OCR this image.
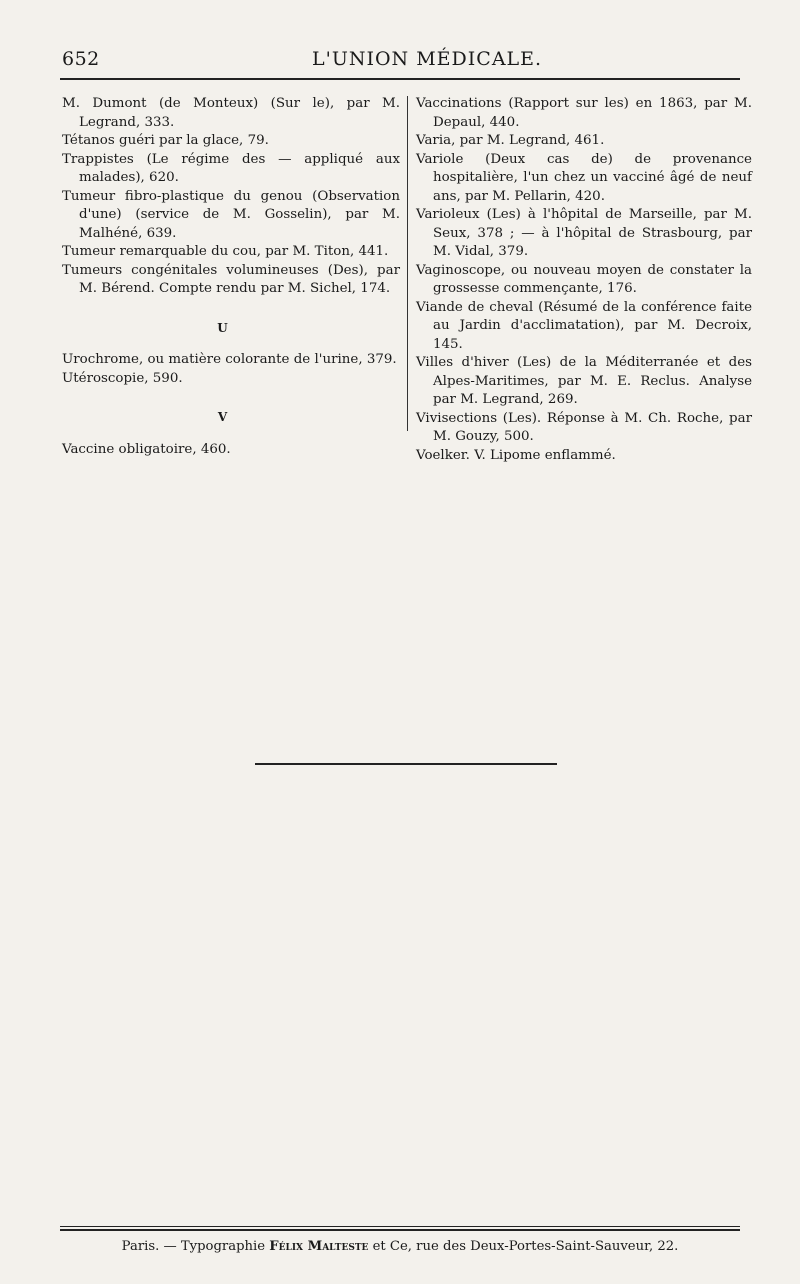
652	L'UNION MÉDICALE.

M. Dumont (de Monteux) (Sur le), par M. Legrand, 333.

Tétanos guéri par la glace, 79.

Trappistes (Le régime des — appliqué aux malades), 620.

Tumeur fibro-plastique du genou (Observation d'une) (service de M. Gosselin), par M. Malhéné, 639.

Tumeur remarquable du cou, par M. Titon, 441.

Tumeurs congénitales volumineuses (Des), par M. Bérend. Compte rendu par M. Sichel, 174.

U

Urochrome, ou matière colorante de l'urine, 379.

Utéroscopie, 590.

V

Vaccine obligatoire, 460.

Vaccinations (Rapport sur les) en 1863, par M. Depaul, 440.

Varia, par M. Legrand, 461.

Variole (Deux cas de) de provenance hospitalière, l'un chez un vacciné âgé de neuf ans, par M. Pellarin, 420.

Varioleux (Les) à l'hôpital de Marseille, par M. Seux, 378 ; — à l'hôpital de Strasbourg, par M. Vidal, 379.

Vaginoscope, ou nouveau moyen de constater la grossesse commençante, 176.

Viande de cheval (Résumé de la conférence faite au Jardin d'acclimatation), par M. Decroix, 145.

Villes d'hiver (Les) de la Méditerranée et des Alpes-Maritimes, par M. E. Reclus. Analyse par M. Legrand, 269.

Vivisections (Les). Réponse à M. Ch. Roche, par M. Gouzy, 500.

Voelker. V. Lipome enflammé.

Paris. — Typographie Félix Malteste et Ce, rue des Deux-Portes-Saint-Sauveur, 22.
